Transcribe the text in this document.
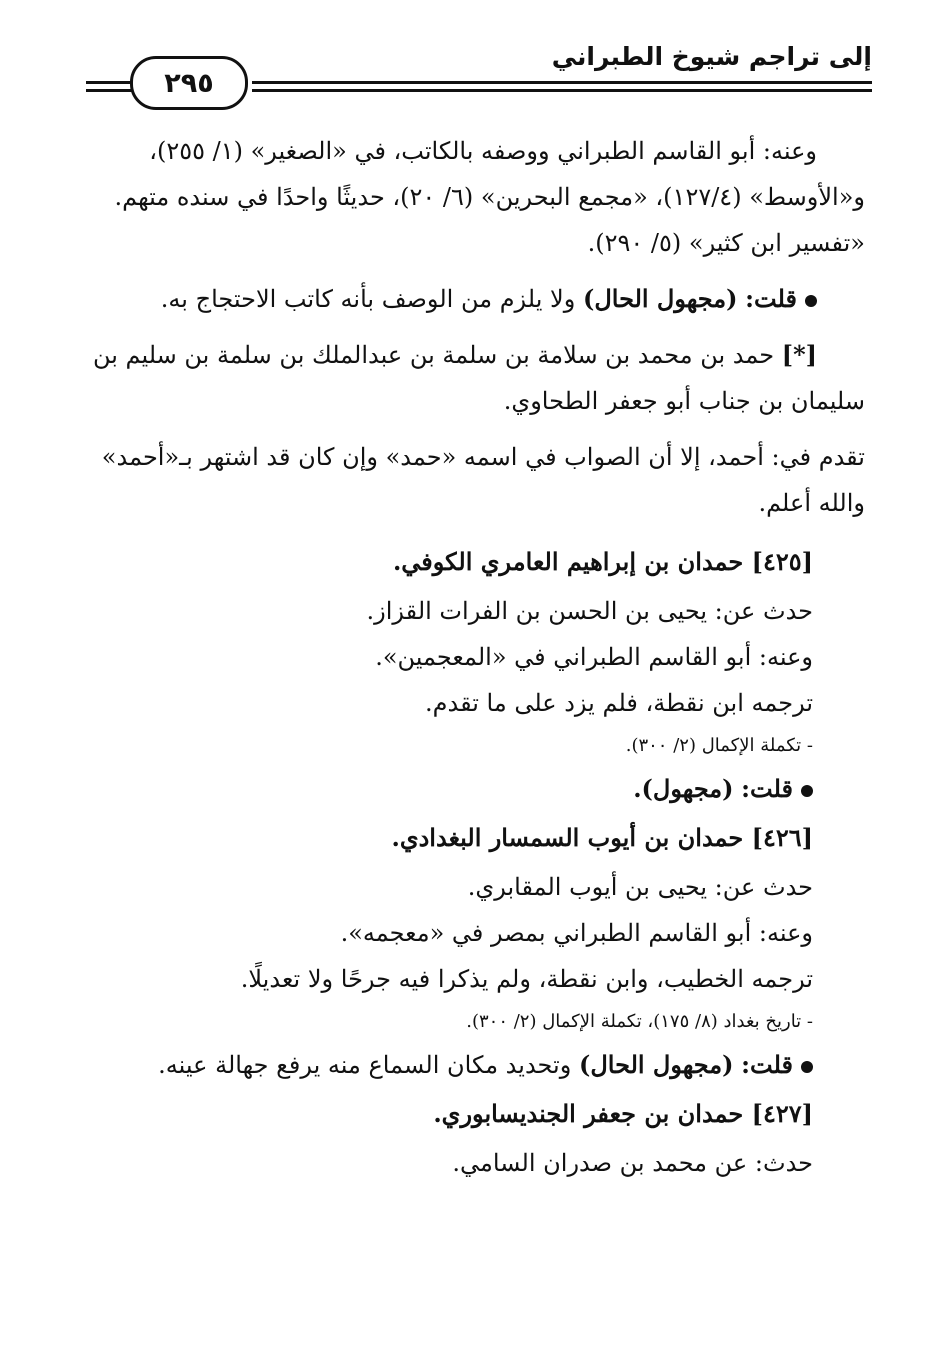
إلى تراجم شيوخ الطبراني
٢٩٥

وعنه: أبو القاسم الطبراني ووصفه بالكاتب، في «الصغير» (١/ ٢٥٥)،
و«الأوسط» (١٢٧/٤)، «مجمع البحرين» (٦/ ٢٠)، حديثًا واحدًا في سنده متهم.
«تفسير ابن كثير» (٥/ ٢٩٠).

قلت: (مجهول الحال) ولا يلزم من الوصف بأنه كاتب الاحتجاج به.

[*] حمد بن محمد بن سلامة بن سلمة بن عبدالملك بن سلمة بن سليم بن
سليمان بن جناب أبو جعفر الطحاوي.

تقدم في: أحمد، إلا أن الصواب في اسمه «حمد» وإن كان قد اشتهر بـ«أحمد»
والله أعلم.

[٤٢٥] حمدان بن إبراهيم العامري الكوفي.

حدث عن: يحيى بن الحسن بن الفرات القزاز.
وعنه: أبو القاسم الطبراني في «المعجمين».
ترجمه ابن نقطة، فلم يزد على ما تقدم.

- تكملة الإكمال (٢/ ٣٠٠).

قلت: (مجهول).

[٤٢٦] حمدان بن أيوب السمسار البغدادي.

حدث عن: يحيى بن أيوب المقابري.
وعنه: أبو القاسم الطبراني بمصر في «معجمه».
ترجمه الخطيب، وابن نقطة، ولم يذكرا فيه جرحًا ولا تعديلًا.

- تاريخ بغداد (٨/ ١٧٥)، تكملة الإكمال (٢/ ٣٠٠).

قلت: (مجهول الحال) وتحديد مكان السماع منه يرفع جهالة عينه.

[٤٢٧] حمدان بن جعفر الجنديسابوري.

حدث: عن محمد بن صدران السامي.
